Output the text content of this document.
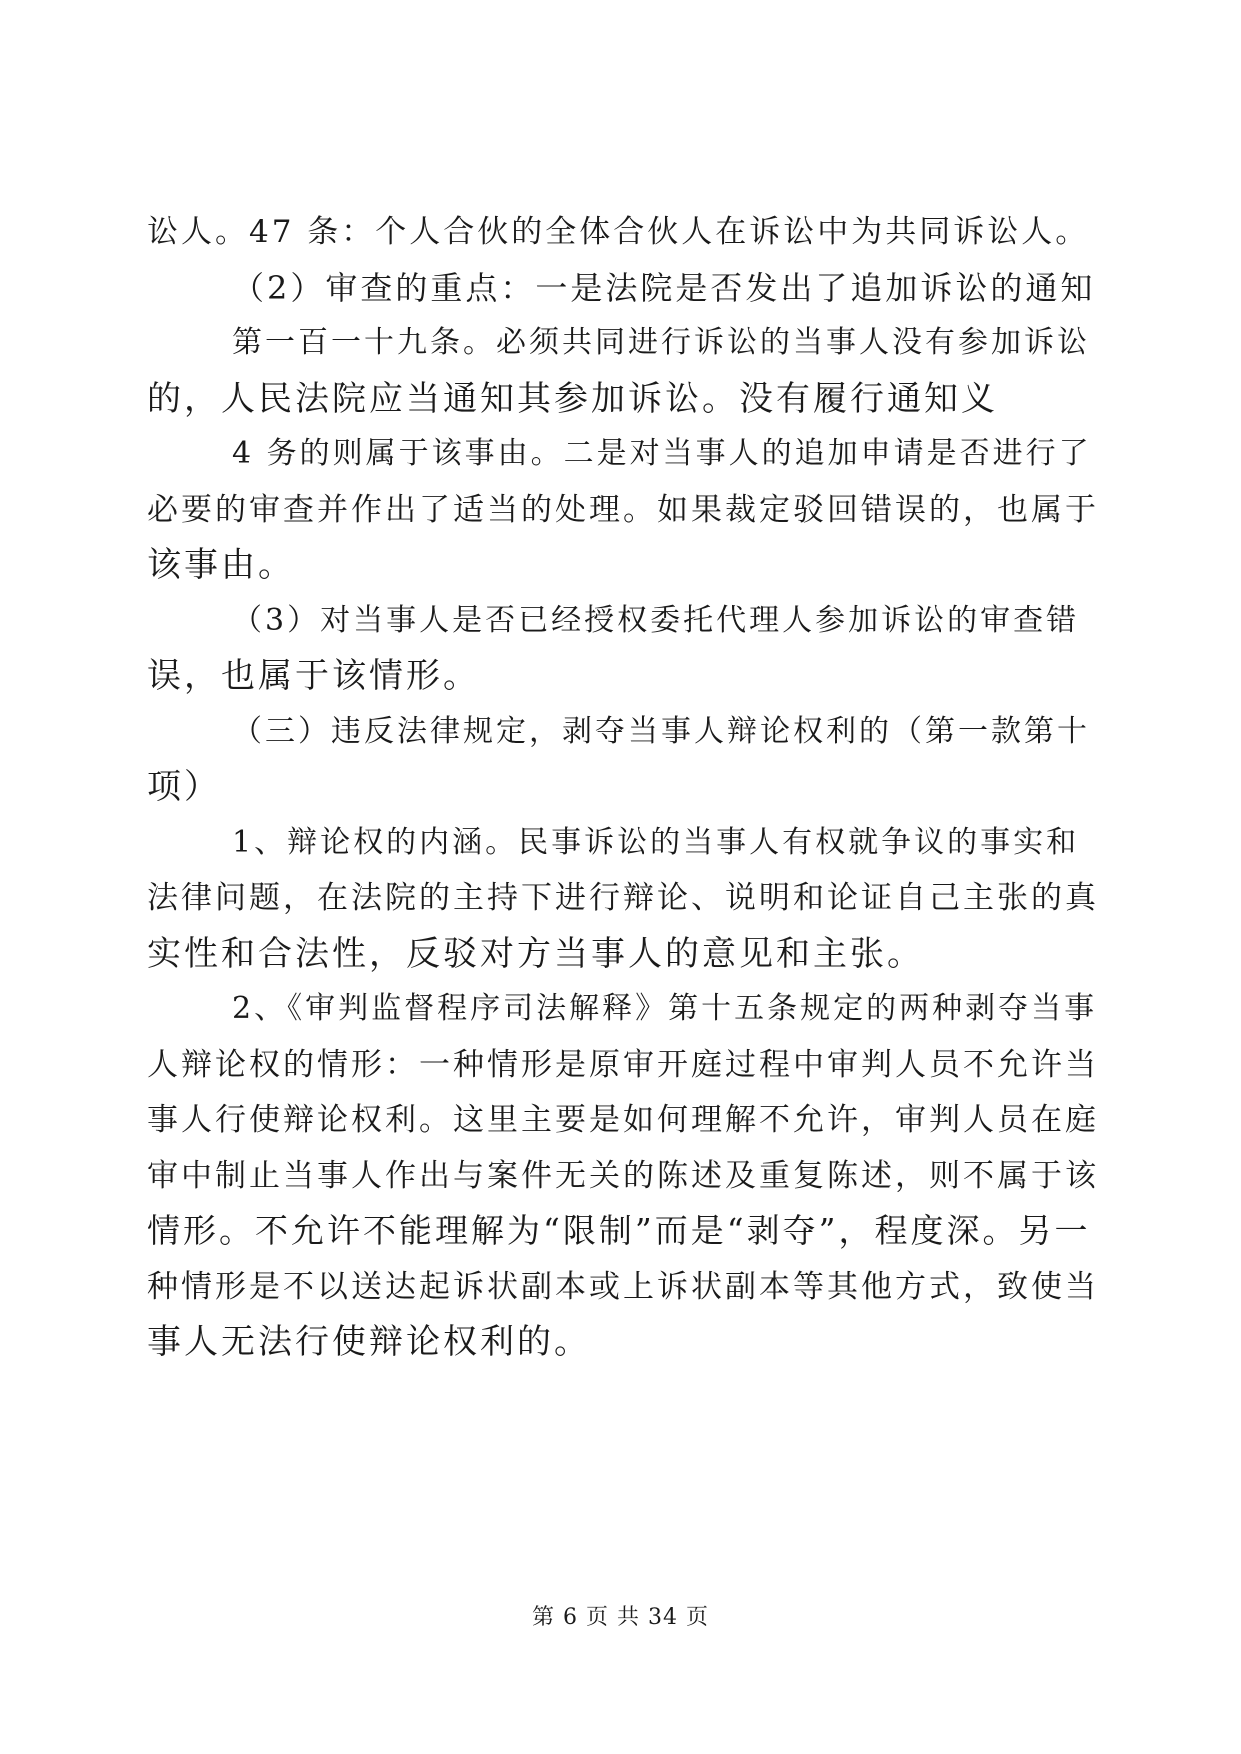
讼人。47 条：个人合伙的全体合伙人在诉讼中为共同诉讼人。
（2）审查的重点：一是法院是否发出了追加诉讼的通知
第一百一十九条。必须共同进行诉讼的当事人没有参加诉讼
的，人民法院应当通知其参加诉讼。没有履行通知义
4 务的则属于该事由。二是对当事人的追加申请是否进行了
必要的审查并作出了适当的处理。如果裁定驳回错误的，也属于
该事由。
（3）对当事人是否已经授权委托代理人参加诉讼的审查错
误，也属于该情形。
（三）违反法律规定，剥夺当事人辩论权利的（第一款第十
项）
1、辩论权的内涵。民事诉讼的当事人有权就争议的事实和
法律问题，在法院的主持下进行辩论、说明和论证自己主张的真
实性和合法性，反驳对方当事人的意见和主张。
2、《审判监督程序司法解释》第十五条规定的两种剥夺当事
人辩论权的情形：一种情形是原审开庭过程中审判人员不允许当
事人行使辩论权利。这里主要是如何理解不允许，审判人员在庭
审中制止当事人作出与案件无关的陈述及重复陈述，则不属于该
情形。不允许不能理解为“限制”而是“剥夺”，程度深。另一
种情形是不以送达起诉状副本或上诉状副本等其他方式，致使当
事人无法行使辩论权利的。
第 6 页 共 34 页
